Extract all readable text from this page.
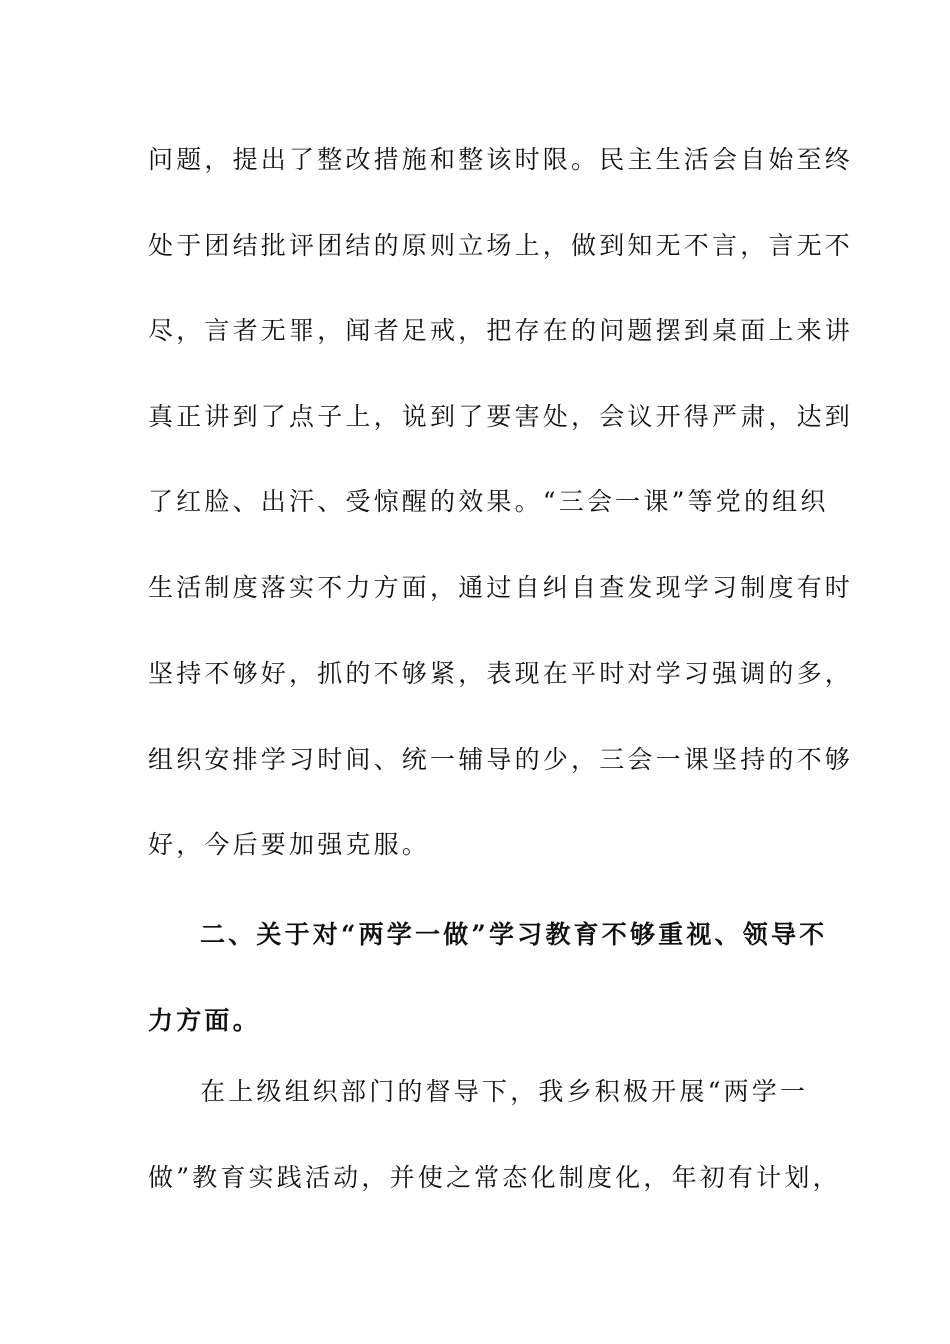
问题，提出了整改措施和整该时限。民主生活会自始至终
处于团结批评团结的原则立场上，做到知无不言，言无不
尽，言者无罪，闻者足戒，把存在的问题摆到桌面上来讲
真正讲到了点子上，说到了要害处，会议开得严肃，达到
了红脸、出汗、受惊醒的效果。“三会一课”等党的组织
生活制度落实不力方面，通过自纠自查发现学习制度有时
坚持不够好，抓的不够紧，表现在平时对学习强调的多，
组织安排学习时间、统一辅导的少，三会一课坚持的不够
好，今后要加强克服。
二、关于对“两学一做”学习教育不够重视、领导不
力方面。
在上级组织部门的督导下，我乡积极开展“两学一
做”教育实践活动，并使之常态化制度化，年初有计划，
